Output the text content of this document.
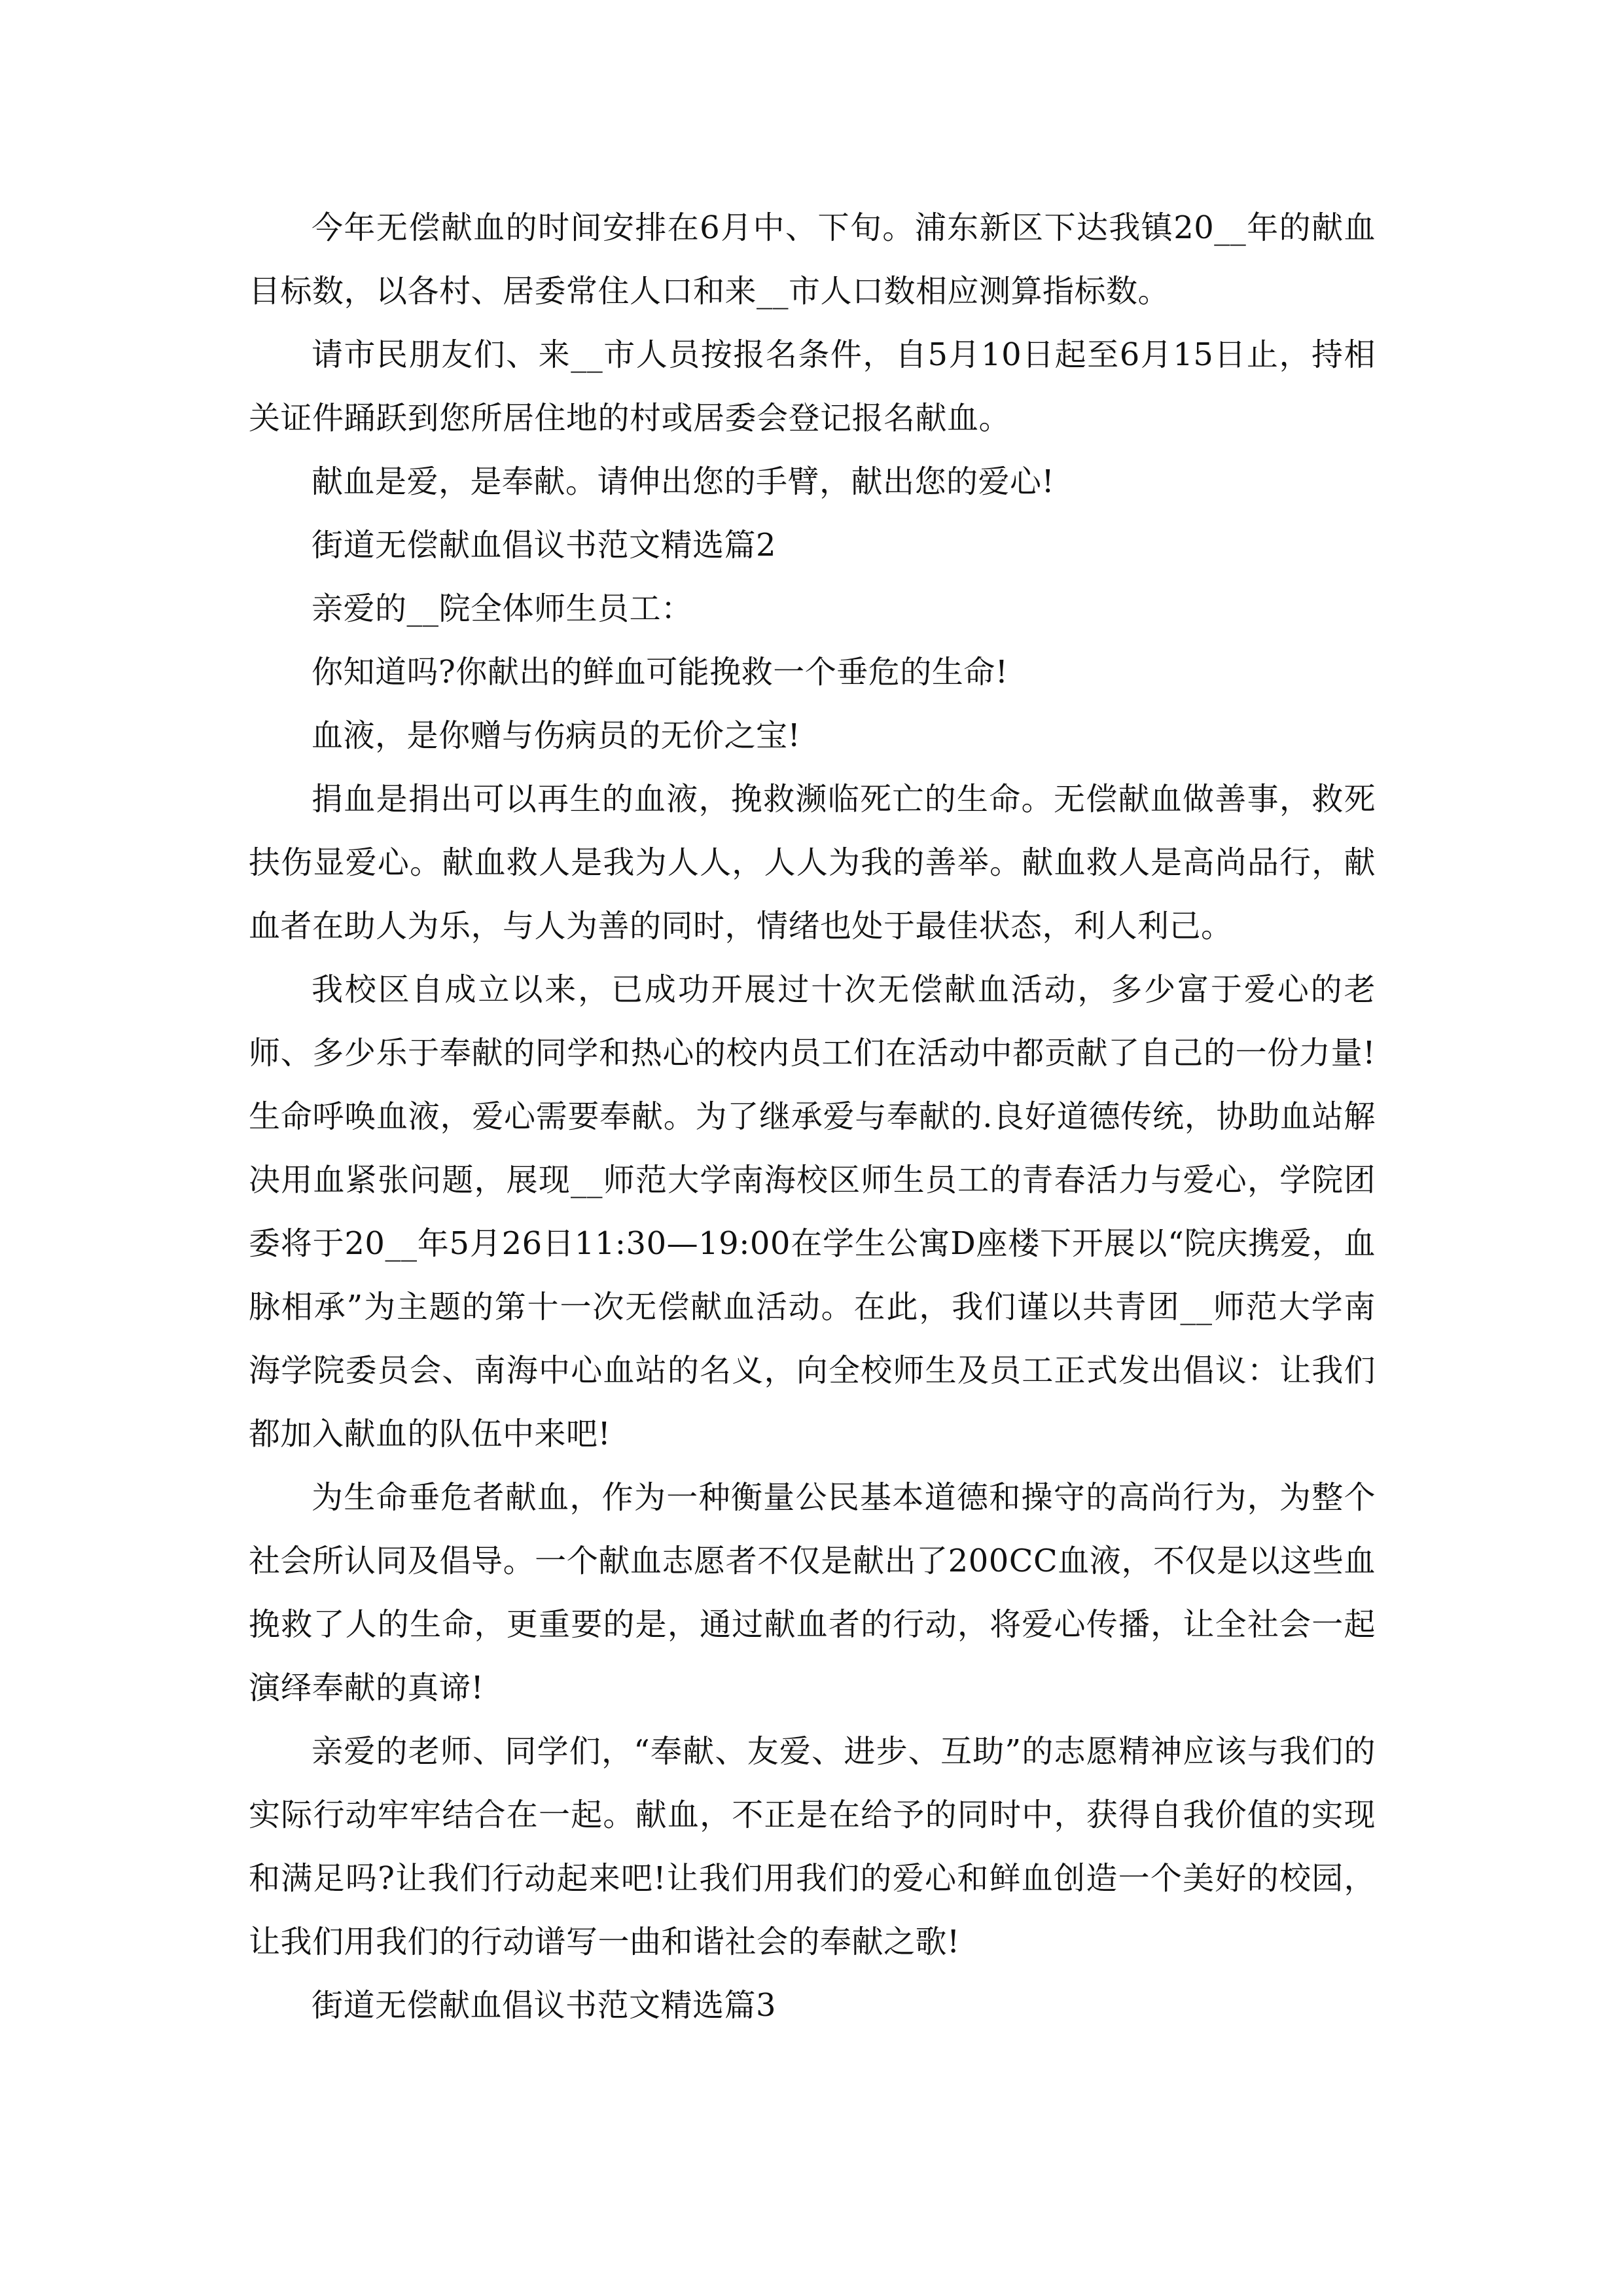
今年无偿献血的时间安排在6月中、下旬。浦东新区下达我镇20__年的献血目标数，以各村、居委常住人口和来__市人口数相应测算指标数。

请市民朋友们、来__市人员按报名条件，自5月10日起至6月15日止，持相关证件踊跃到您所居住地的村或居委会登记报名献血。

献血是爱，是奉献。请伸出您的手臂，献出您的爱心!

街道无偿献血倡议书范文精选篇2

亲爱的__院全体师生员工：

你知道吗?你献出的鲜血可能挽救一个垂危的生命!

血液，是你赠与伤病员的无价之宝!

捐血是捐出可以再生的血液，挽救濒临死亡的生命。无偿献血做善事，救死扶伤显爱心。献血救人是我为人人，人人为我的善举。献血救人是高尚品行，献血者在助人为乐，与人为善的同时，情绪也处于最佳状态，利人利己。

我校区自成立以来，已成功开展过十次无偿献血活动，多少富于爱心的老师、多少乐于奉献的同学和热心的校内员工们在活动中都贡献了自己的一份力量!生命呼唤血液，爱心需要奉献。为了继承爱与奉献的.良好道德传统，协助血站解决用血紧张问题，展现__师范大学南海校区师生员工的青春活力与爱心，学院团委将于20__年5月26日11:30—19:00在学生公寓D座楼下开展以“院庆携爱，血脉相承”为主题的第十一次无偿献血活动。在此，我们谨以共青团__师范大学南海学院委员会、南海中心血站的名义，向全校师生及员工正式发出倡议：让我们都加入献血的队伍中来吧!

为生命垂危者献血，作为一种衡量公民基本道德和操守的高尚行为，为整个社会所认同及倡导。一个献血志愿者不仅是献出了200CC血液，不仅是以这些血挽救了人的生命，更重要的是，通过献血者的行动，将爱心传播，让全社会一起演绎奉献的真谛!

亲爱的老师、同学们，“奉献、友爱、进步、互助”的志愿精神应该与我们的实际行动牢牢结合在一起。献血，不正是在给予的同时中，获得自我价值的实现和满足吗?让我们行动起来吧!让我们用我们的爱心和鲜血创造一个美好的校园，让我们用我们的行动谱写一曲和谐社会的奉献之歌!

街道无偿献血倡议书范文精选篇3
